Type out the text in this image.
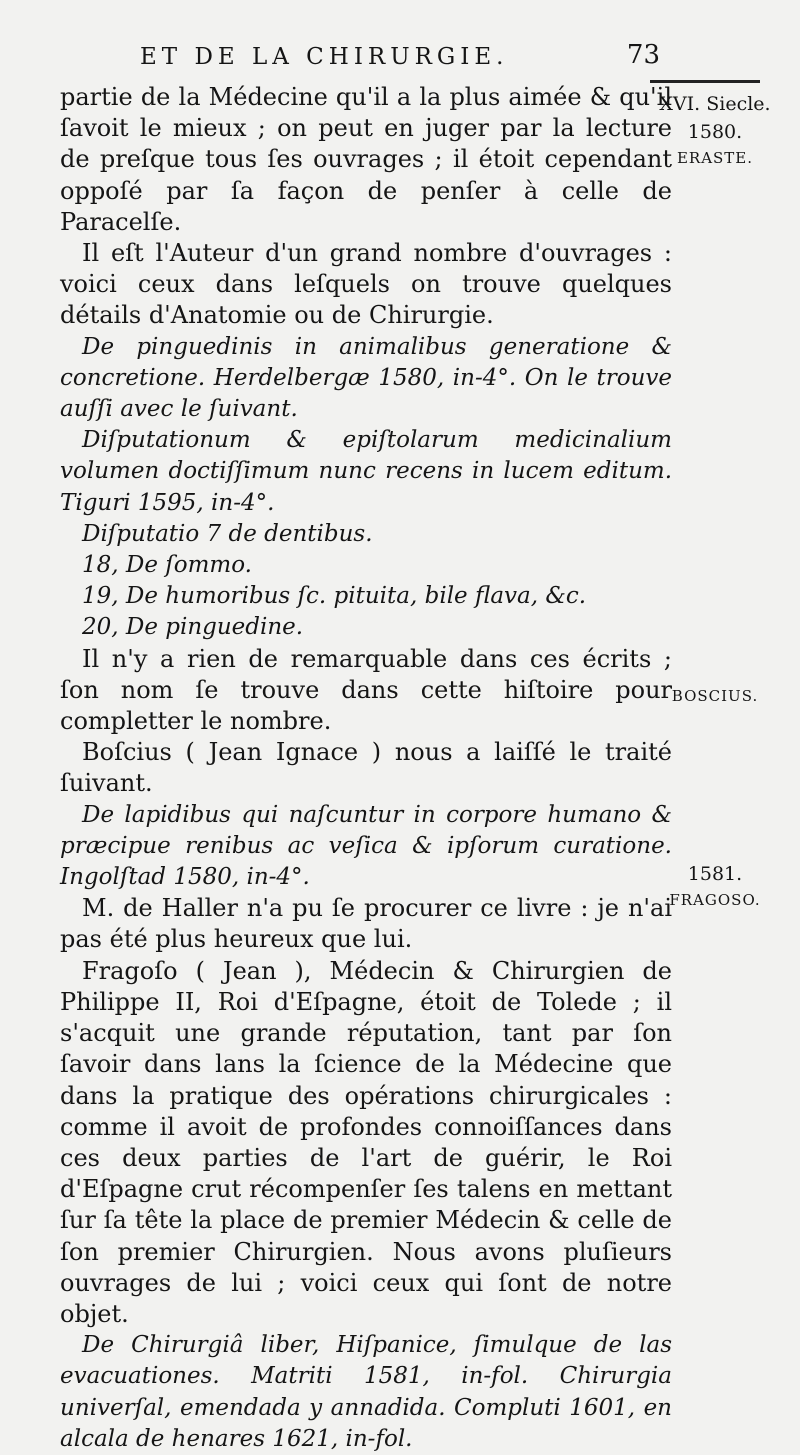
ET DE LA CHIRURGIE.	73
XVI. Siecle.
1580.
ERASTE.
BOSCIUS.
1581.
FRAGOSO.

partie de la Médecine qu'il a la plus aimée & qu'il ſavoit le mieux ; on peut en juger par la lecture de preſque tous ſes ouvrages ; il étoit cependant oppoſé par ſa façon de penſer à celle de Paracelſe.

Il eſt l'Auteur d'un grand nombre d'ouvrages : voici ceux dans leſquels on trouve quelques détails d'Anatomie ou de Chirurgie.

De pinguedinis in animalibus generatione & concretione. Herdelbergæ 1580, in-4°. On le trouve auſſi avec le ſuivant.

Diſputationum & epiſtolarum medicinalium volumen doctiſſimum nunc recens in lucem editum. Tiguri 1595, in-4°.

Diſputatio 7 de dentibus.

18, De ſommo.

19, De humoribus ſc. pituita, bile flava, &c.

20, De pinguedine.

Il n'y a rien de remarquable dans ces écrits ; ſon nom ſe trouve dans cette hiſtoire pour completter le nombre.

Boſcius ( Jean Ignace ) nous a laiſſé le traité ſuivant.

De lapidibus qui naſcuntur in corpore humano & præcipue renibus ac veſica & ipſorum curatione. Ingolſtad 1580, in-4°.

M. de Haller n'a pu ſe procurer ce livre : je n'ai pas été plus heureux que lui.

Fragoſo ( Jean ), Médecin & Chirurgien de Philippe II, Roi d'Eſpagne, étoit de Tolede ; il s'acquit une grande réputation, tant par ſon ſavoir dans lans la ſcience de la Médecine que dans la pratique des opérations chirurgicales : comme il avoit de profondes connoiſſances dans ces deux parties de l'art de guérir, le Roi d'Eſpagne crut récompenſer ſes talens en mettant ſur ſa tête la place de premier Médecin & celle de ſon premier Chirurgien. Nous avons pluſieurs ouvrages de lui ; voici ceux qui ſont de notre objet.

De Chirurgiâ liber, Hiſpanice, ſimulque de las evacuationes. Matriti 1581, in-fol. Chirurgia univerſal, emendada y annadida. Compluti 1601, en alcala de henares 1621, in-fol.
